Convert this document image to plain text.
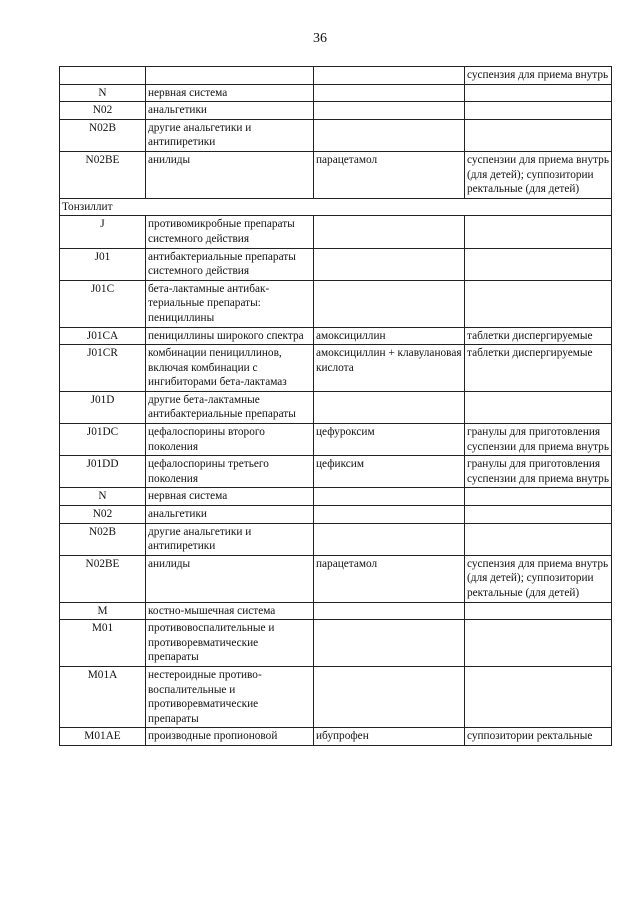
36
			суспензия для приема внутрь
N	нервная система		
N02	анальгетики		
N02B	другие анальгетики и антипиретики		
N02BE	анилиды	парацетамол	суспензии для приема внутрь (для детей); суппозитории ректальные (для детей)
Тонзиллит			
J	противомикробные препараты системного действия		
J01	антибактериальные препараты системного действия		
J01C	бета-лактамные антибак-териальные препараты: пенициллины		
J01CA	пенициллины широкого спектра	амоксициллин	таблетки диспергируемые
J01CR	комбинации пенициллинов, включая комбинации с ингибиторами бета-лактамаз	амоксициллин + клавулановая кислота	таблетки диспергируемые
J01D	другие бета-лактамные антибактериальные препараты		
J01DC	цефалоспорины второго поколения	цефуроксим	гранулы для приготовления суспензии для приема внутрь
J01DD	цефалоспорины третьего поколения	цефиксим	гранулы для приготовления суспензии для приема внутрь
N	нервная система		
N02	анальгетики		
N02B	другие анальгетики и антипиретики		
N02BE	анилиды	парацетамол	суспензия для приема внутрь (для детей); суппозитории ректальные (для детей)
M	костно-мышечная система		
M01	противовоспалительные и противоревматические препараты		
M01A	нестероидные противо-воспалительные и противоревматические препараты		
M01AE	производные пропионовой	ибупрофен	суппозитории ректальные
